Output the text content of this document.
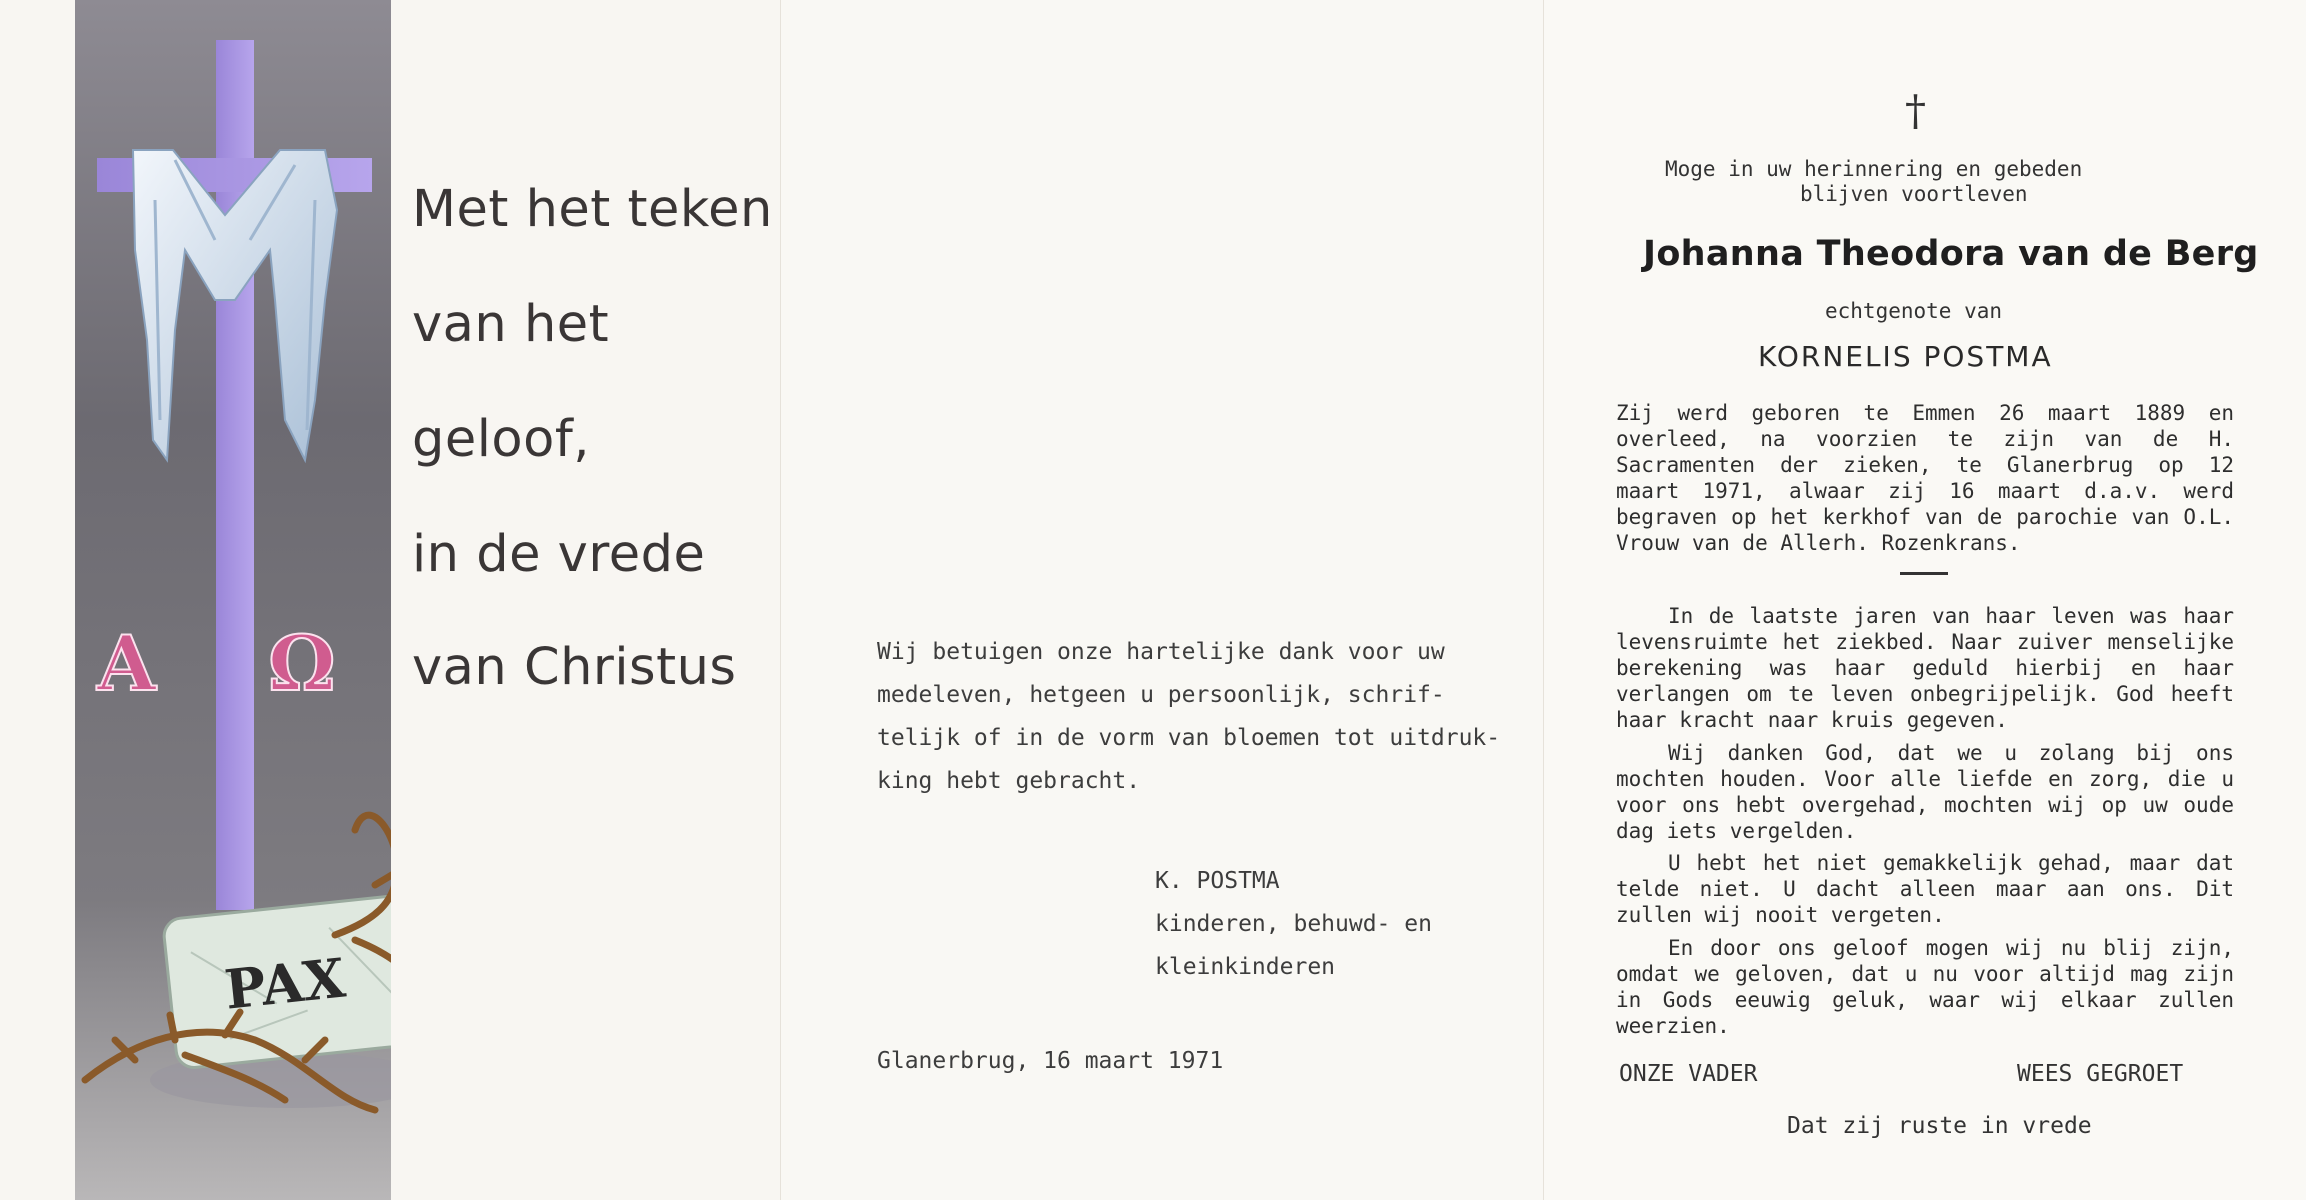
A Ω
PAX
Met het teken
van het
geloof,
in de vrede
van Christus	Wij betuigen onze hartelijke dank voor uw
medeleven, hetgeen u persoonlijk, schrif-
telijk of in de vorm van bloemen tot uitdruk-
king hebt gebracht.
K. POSTMA
kinderen, behuwd- en
kleinkinderen
Glanerbrug, 16 maart 1971
†
Moge in uw herinnering en gebeden
blijven voortleven
Johanna Theodora van de Berg
echtgenote van
KORNELIS POSTMA
Zij werd geboren te Emmen 26 maart 1889 en overleed, na voorzien te zijn van de H. Sacramenten der zieken, te Glanerbrug op 12 maart 1971, alwaar zij 16 maart d.a.v. werd begraven op het kerkhof van de parochie van O.L. Vrouw van de Allerh. Rozenkrans.
In de laatste jaren van haar leven was haar levensruimte het ziekbed. Naar zuiver menselijke berekening was haar geduld hierbij en haar verlangen om te leven onbegrijpelijk. God heeft haar kracht naar kruis gegeven.
Wij danken God, dat we u zolang bij ons mochten houden. Voor alle liefde en zorg, die u voor ons hebt overgehad, mochten wij op uw oude dag iets vergelden.
U hebt het niet gemakkelijk gehad, maar dat telde niet. U dacht alleen maar aan ons. Dit zullen wij nooit vergeten.
En door ons geloof mogen wij nu blij zijn, omdat we geloven, dat u nu voor altijd mag zijn in Gods eeuwig geluk, waar wij elkaar zullen weerzien.
ONZE VADER	WEES GEGROET
Dat zij ruste in vrede
